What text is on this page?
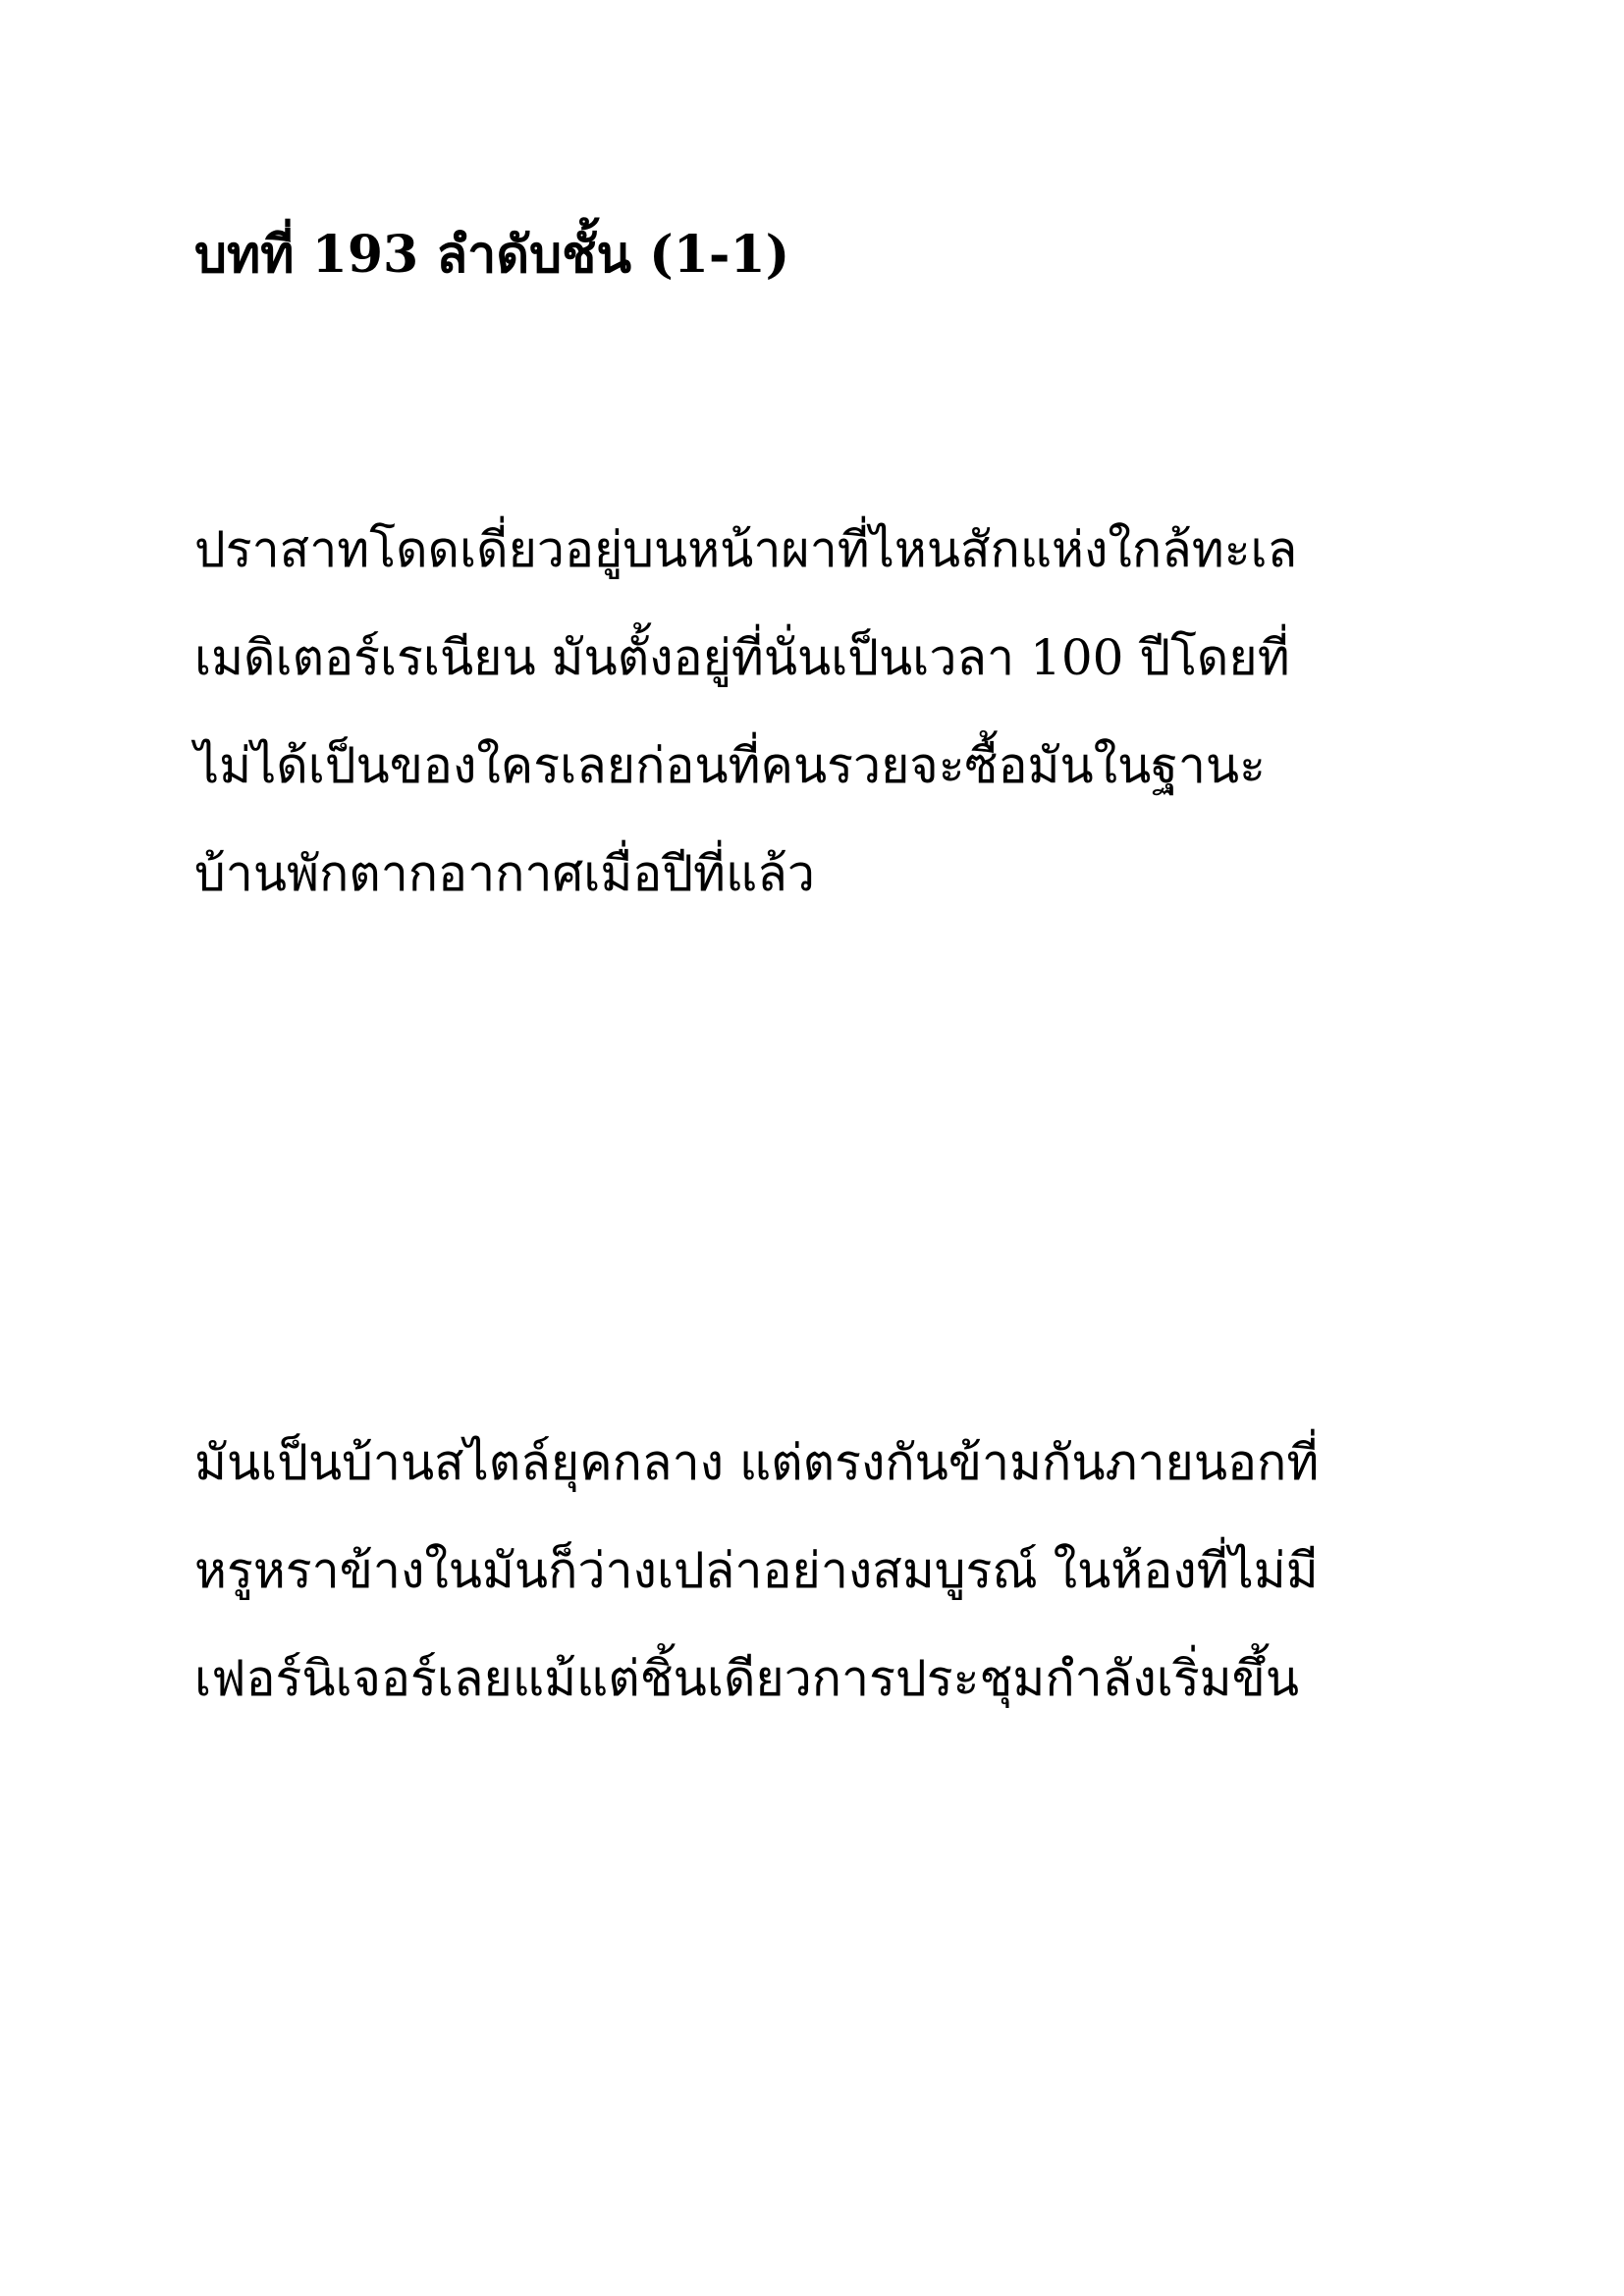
บทที่ 193 ลำดับชั้น (1-1)
ปราสาทโดดเดี่ยวอยู่บนหน้าผาที่ไหนสักแห่งใกล้ทะเล
เมดิเตอร์เรเนียน มันตั้งอยู่ที่นั่นเป็นเวลา 100 ปีโดยที่
ไม่ได้เป็นของใครเลยก่อนที่คนรวยจะซื้อมันในฐานะ
บ้านพักตากอากาศเมื่อปีที่แล้ว
มันเป็นบ้านสไตล์ยุคกลาง แต่ตรงกันข้ามกันภายนอกที่
หรูหราข้างในมันก็ว่างเปล่าอย่างสมบูรณ์ ในห้องที่ไม่มี
เฟอร์นิเจอร์เลยแม้แต่ชิ้นเดียวการประชุมกำลังเริ่มขึ้น
